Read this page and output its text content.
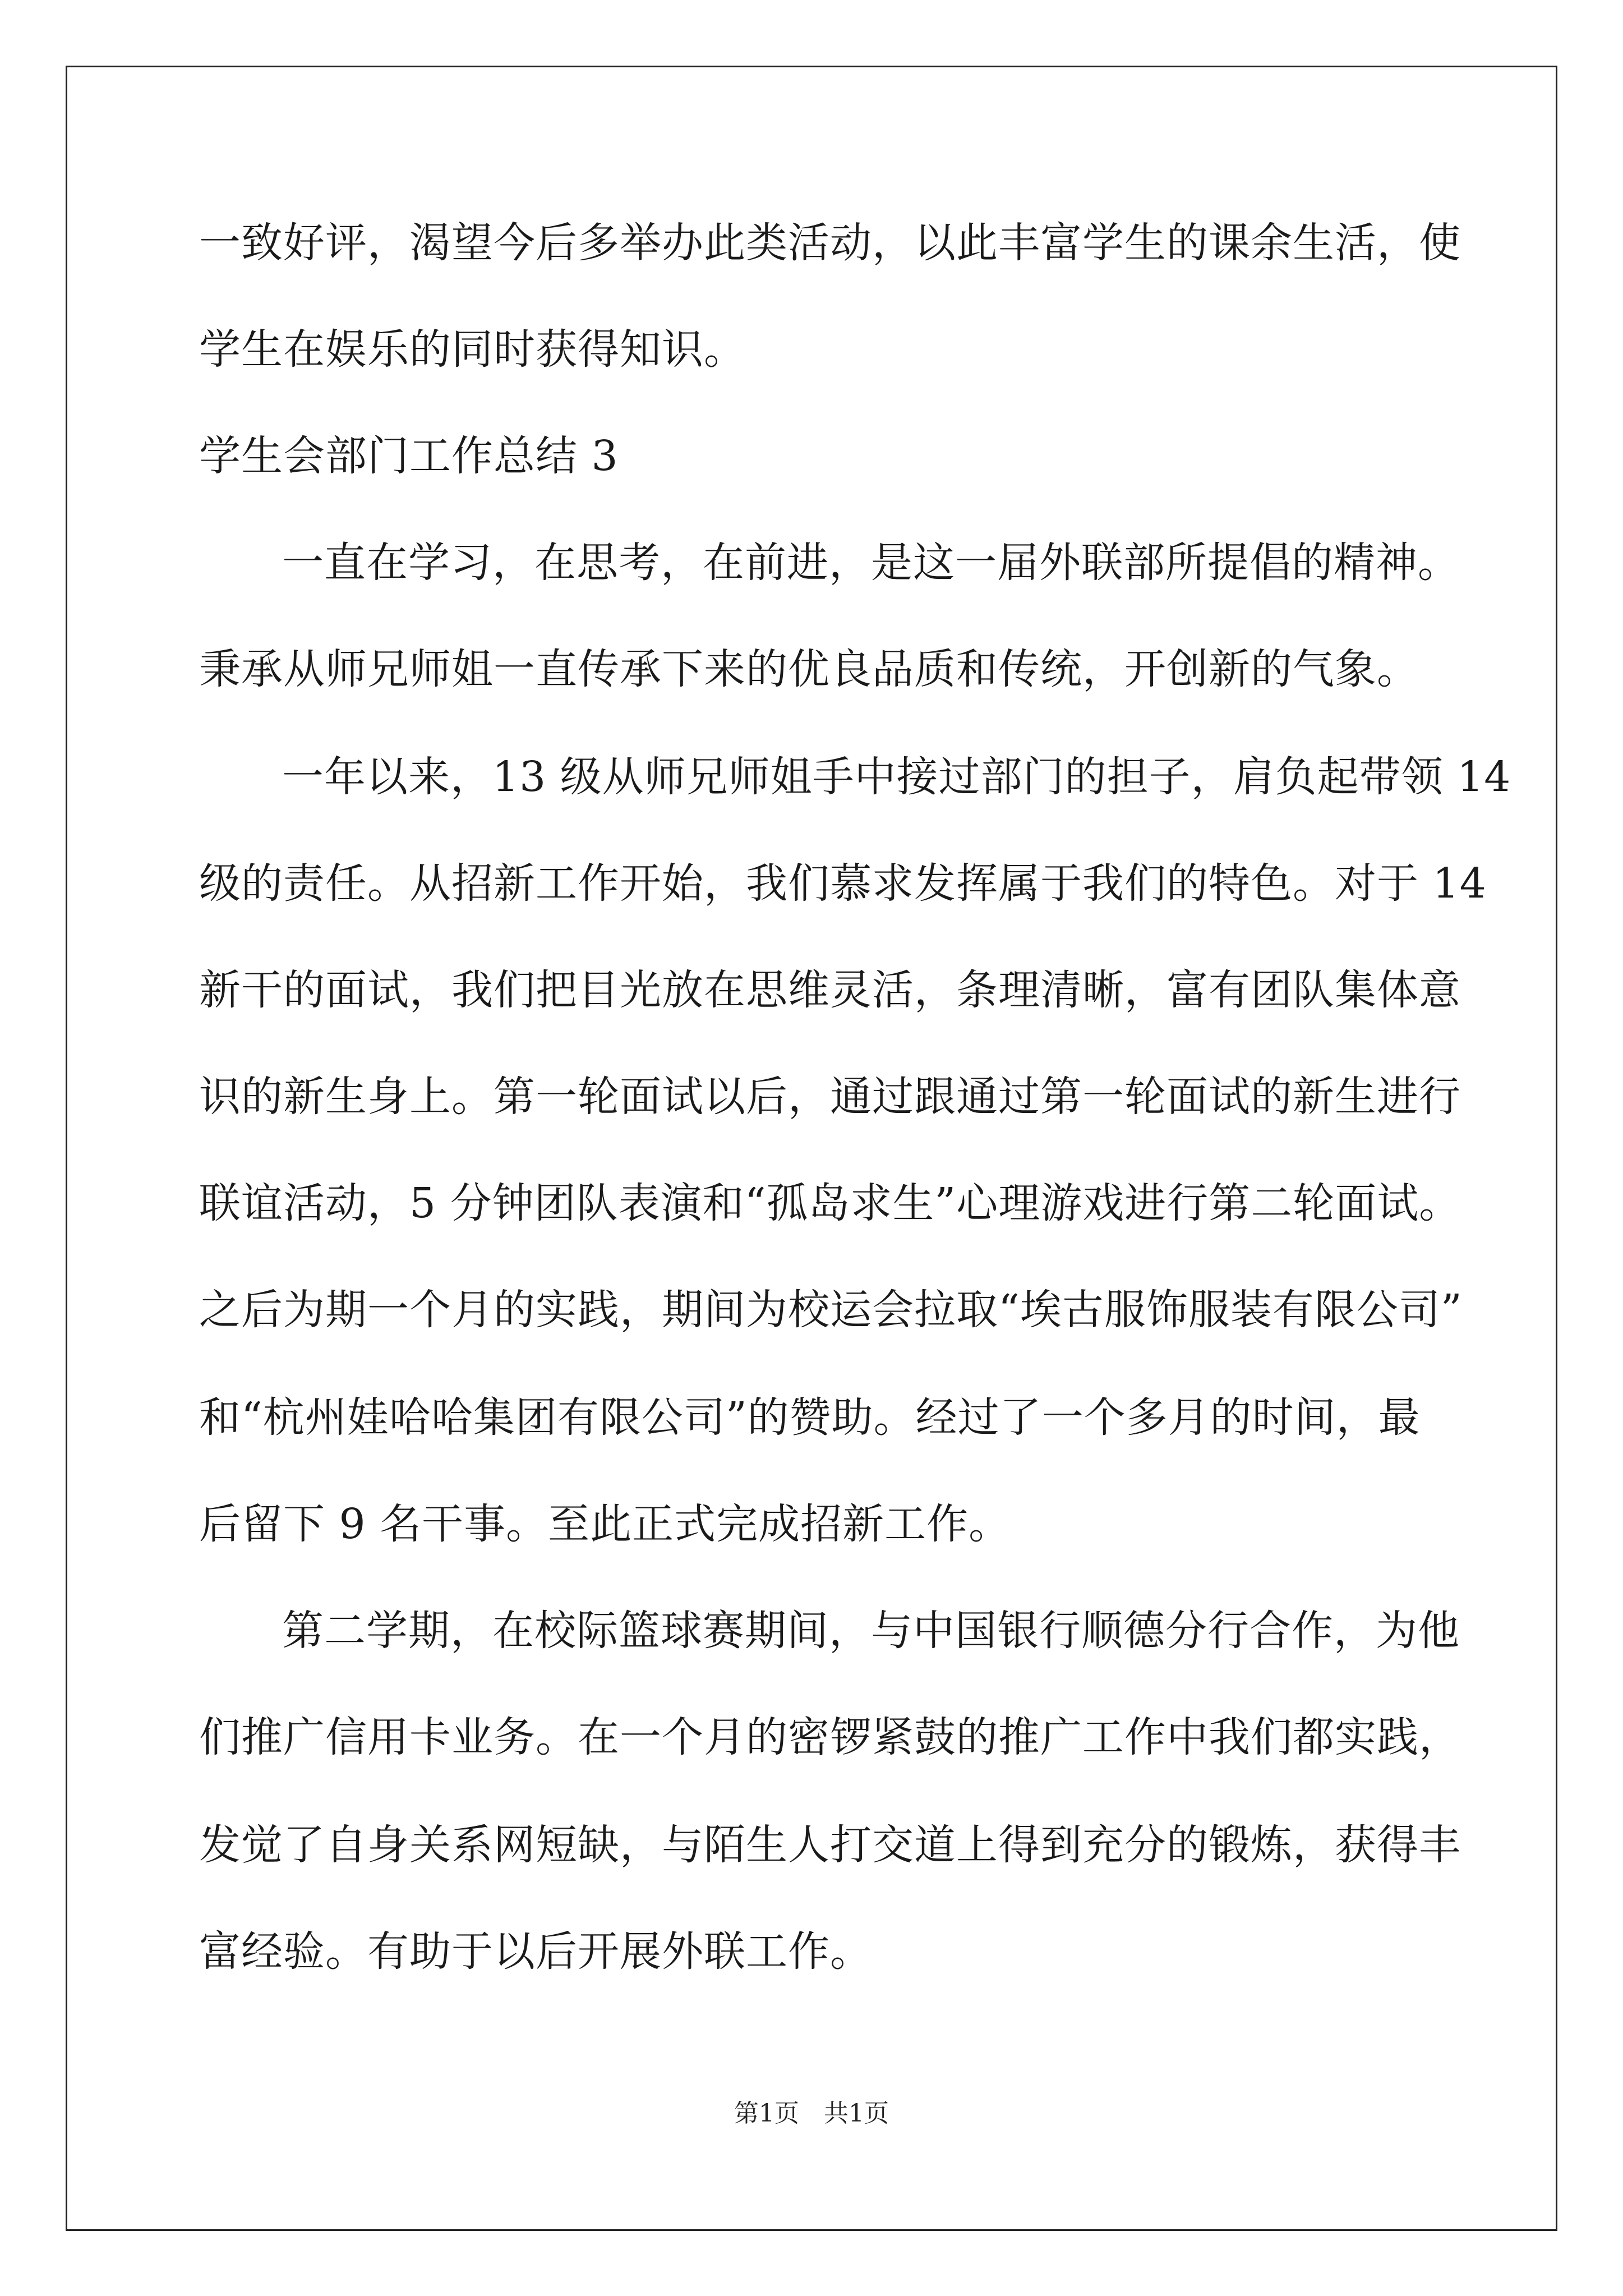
一致好评，渴望今后多举办此类活动，以此丰富学生的课余生活，使
学生在娱乐的同时获得知识。
学生会部门工作总结 3
一直在学习，在思考，在前进，是这一届外联部所提倡的精神。
秉承从师兄师姐一直传承下来的优良品质和传统，开创新的气象。
一年以来，13 级从师兄师姐手中接过部门的担子，肩负起带领 14
级的责任。从招新工作开始，我们慕求发挥属于我们的特色。对于 14
新干的面试，我们把目光放在思维灵活，条理清晰，富有团队集体意
识的新生身上。第一轮面试以后，通过跟通过第一轮面试的新生进行
联谊活动，5 分钟团队表演和“孤岛求生”心理游戏进行第二轮面试。
之后为期一个月的实践，期间为校运会拉取“埃古服饰服装有限公司”
和“杭州娃哈哈集团有限公司”的赞助。经过了一个多月的时间，最
后留下 9 名干事。至此正式完成招新工作。
第二学期，在校际篮球赛期间，与中国银行顺德分行合作，为他
们推广信用卡业务。在一个月的密锣紧鼓的推广工作中我们都实践，
发觉了自身关系网短缺，与陌生人打交道上得到充分的锻炼，获得丰
富经验。有助于以后开展外联工作。
第1页 共1页
